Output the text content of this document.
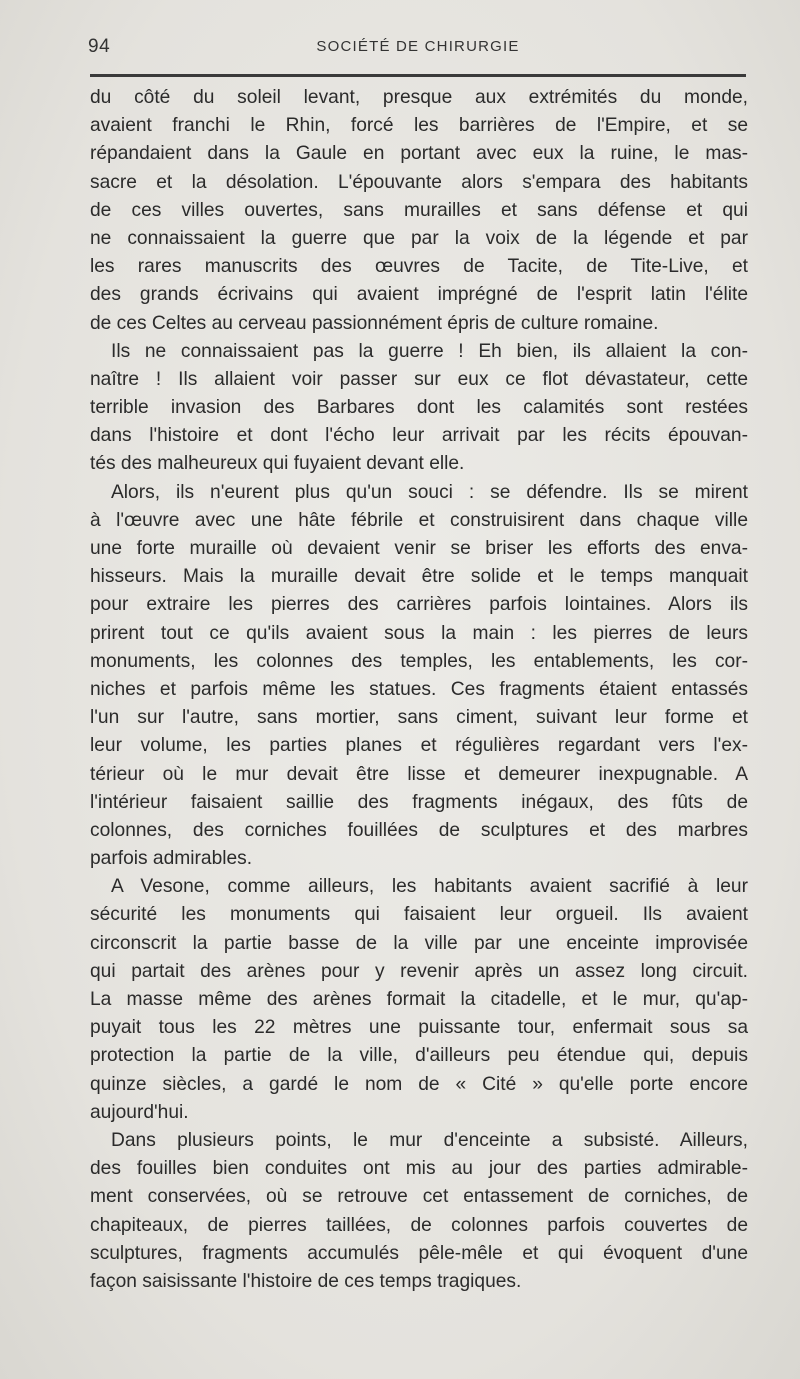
94	SOCIÉTÉ DE CHIRURGIE
du côté du soleil levant, presque aux extrémités du monde,
avaient franchi le Rhin, forcé les barrières de l'Empire, et se
répandaient dans la Gaule en portant avec eux la ruine, le mas-
sacre et la désolation. L'épouvante alors s'empara des habitants
de ces villes ouvertes, sans murailles et sans défense et qui
ne connaissaient la guerre que par la voix de la légende et par
les rares manuscrits des œuvres de Tacite, de Tite-Live, et
des grands écrivains qui avaient imprégné de l'esprit latin l'élite
de ces Celtes au cerveau passionnément épris de culture romaine.
Ils ne connaissaient pas la guerre ! Eh bien, ils allaient la con-
naître ! Ils allaient voir passer sur eux ce flot dévastateur, cette
terrible invasion des Barbares dont les calamités sont restées
dans l'histoire et dont l'écho leur arrivait par les récits épouvan-
tés des malheureux qui fuyaient devant elle.
Alors, ils n'eurent plus qu'un souci : se défendre. Ils se mirent
à l'œuvre avec une hâte fébrile et construisirent dans chaque ville
une forte muraille où devaient venir se briser les efforts des enva-
hisseurs. Mais la muraille devait être solide et le temps manquait
pour extraire les pierres des carrières parfois lointaines. Alors ils
prirent tout ce qu'ils avaient sous la main : les pierres de leurs
monuments, les colonnes des temples, les entablements, les cor-
niches et parfois même les statues. Ces fragments étaient entassés
l'un sur l'autre, sans mortier, sans ciment, suivant leur forme et
leur volume, les parties planes et régulières regardant vers l'ex-
térieur où le mur devait être lisse et demeurer inexpugnable. A
l'intérieur faisaient saillie des fragments inégaux, des fûts de
colonnes, des corniches fouillées de sculptures et des marbres
parfois admirables.
A Vesone, comme ailleurs, les habitants avaient sacrifié à leur
sécurité les monuments qui faisaient leur orgueil. Ils avaient
circonscrit la partie basse de la ville par une enceinte improvisée
qui partait des arènes pour y revenir après un assez long circuit.
La masse même des arènes formait la citadelle, et le mur, qu'ap-
puyait tous les 22 mètres une puissante tour, enfermait sous sa
protection la partie de la ville, d'ailleurs peu étendue qui, depuis
quinze siècles, a gardé le nom de « Cité » qu'elle porte encore
aujourd'hui.
Dans plusieurs points, le mur d'enceinte a subsisté. Ailleurs,
des fouilles bien conduites ont mis au jour des parties admirable-
ment conservées, où se retrouve cet entassement de corniches, de
chapiteaux, de pierres taillées, de colonnes parfois couvertes de
sculptures, fragments accumulés pêle-mêle et qui évoquent d'une
façon saisissante l'histoire de ces temps tragiques.
